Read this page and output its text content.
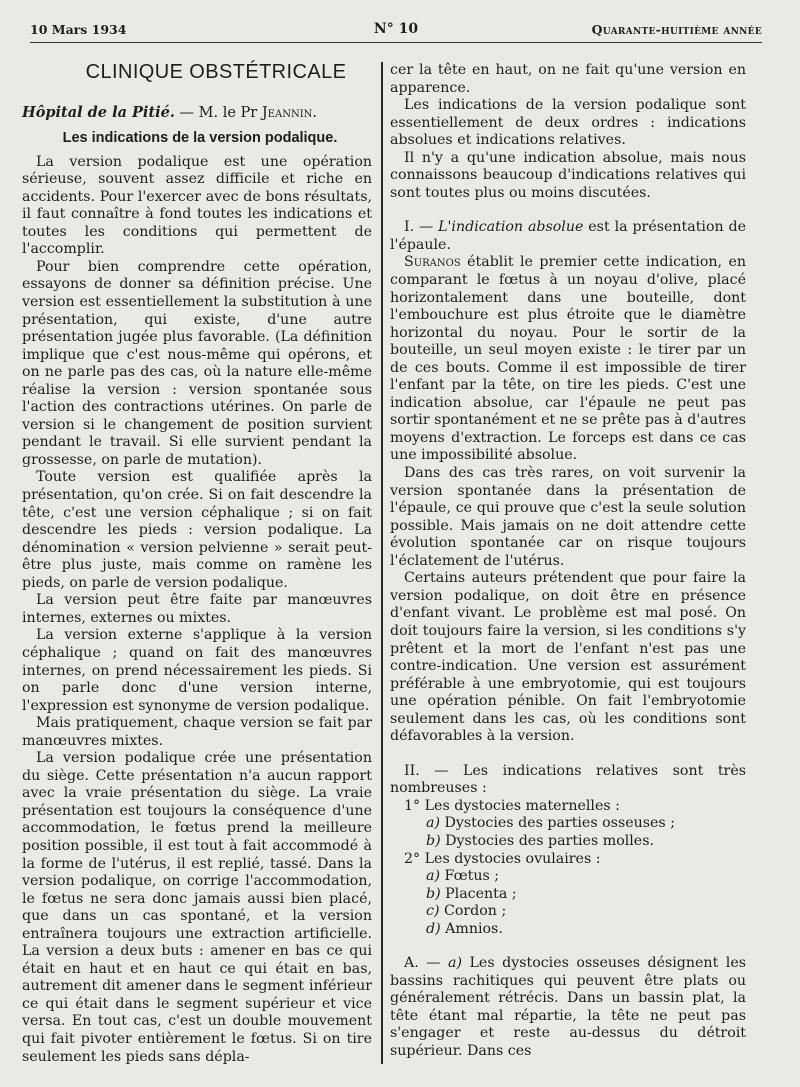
10 Mars 1934	N° 10	Quarante-huitième année
CLINIQUE OBSTÉTRICALE

Hôpital de la Pitié. — M. le Pr Jeannin.

Les indications de la version podalique.

La version podalique est une opération sérieuse, souvent assez difficile et riche en accidents. Pour l'exercer avec de bons résultats, il faut connaître à fond toutes les indications et toutes les conditions qui permettent de l'accomplir.

Pour bien comprendre cette opération, essayons de donner sa définition précise. Une version est essentiellement la substitution à une présentation, qui existe, d'une autre présentation jugée plus favorable. (La définition implique que c'est nous-même qui opérons, et on ne parle pas des cas, où la nature elle-même réalise la version : version spontanée sous l'action des contractions utérines. On parle de version si le changement de position survient pendant le travail. Si elle survient pendant la grossesse, on parle de mutation).

Toute version est qualifiée après la présentation, qu'on crée. Si on fait descendre la tête, c'est une version céphalique ; si on fait descendre les pieds : version podalique. La dénomination « version pelvienne » serait peut-être plus juste, mais comme on ramène les pieds, on parle de version podalique.

La version peut être faite par manœuvres internes, externes ou mixtes.

La version externe s'applique à la version céphalique ; quand on fait des manœuvres internes, on prend nécessairement les pieds. Si on parle donc d'une version interne, l'expression est synonyme de version podalique.

Mais pratiquement, chaque version se fait par manœuvres mixtes.

La version podalique crée une présentation du siège. Cette présentation n'a aucun rapport avec la vraie présentation du siège. La vraie présentation est toujours la conséquence d'une accommodation, le fœtus prend la meilleure position possible, il est tout à fait accommodé à la forme de l'utérus, il est replié, tassé. Dans la version podalique, on corrige l'accommodation, le fœtus ne sera donc jamais aussi bien placé, que dans un cas spontané, et la version entraînera toujours une extraction artificielle. La version a deux buts : amener en bas ce qui était en haut et en haut ce qui était en bas, autrement dit amener dans le segment inférieur ce qui était dans le segment supérieur et vice versa. En tout cas, c'est un double mouvement qui fait pivoter entièrement le fœtus. Si on tire seulement les pieds sans dépla-

cer la tête en haut, on ne fait qu'une version en apparence.

Les indications de la version podalique sont essentiellement de deux ordres : indications absolues et indications relatives.

Il n'y a qu'une indication absolue, mais nous connaissons beaucoup d'indications relatives qui sont toutes plus ou moins discutées.

I. — L'indication absolue est la présentation de l'épaule.

Suranos établit le premier cette indication, en comparant le fœtus à un noyau d'olive, placé horizontalement dans une bouteille, dont l'embouchure est plus étroite que le diamètre horizontal du noyau. Pour le sortir de la bouteille, un seul moyen existe : le tirer par un de ces bouts. Comme il est impossible de tirer l'enfant par la tête, on tire les pieds. C'est une indication absolue, car l'épaule ne peut pas sortir spontanément et ne se prête pas à d'autres moyens d'extraction. Le forceps est dans ce cas une impossibilité absolue.

Dans des cas très rares, on voit survenir la version spontanée dans la présentation de l'épaule, ce qui prouve que c'est la seule solution possible. Mais jamais on ne doit attendre cette évolution spontanée car on risque toujours l'éclatement de l'utérus.

Certains auteurs prétendent que pour faire la version podalique, on doit être en présence d'enfant vivant. Le problème est mal posé. On doit toujours faire la version, si les conditions s'y prêtent et la mort de l'enfant n'est pas une contre-indication. Une version est assurément préférable à une embryotomie, qui est toujours une opération pénible. On fait l'embryotomie seulement dans les cas, où les conditions sont défavorables à la version.

II. — Les indications relatives sont très nombreuses :

1° Les dystocies maternelles :

a) Dystocies des parties osseuses ;

b) Dystocies des parties molles.

2° Les dystocies ovulaires :

a) Fœtus ;

b) Placenta ;

c) Cordon ;

d) Amnios.

A. — a) Les dystocies osseuses désignent les bassins rachitiques qui peuvent être plats ou généralement rétrécis. Dans un bassin plat, la tête étant mal répartie, la tête ne peut pas s'engager et reste au-dessus du détroit supérieur. Dans ces
